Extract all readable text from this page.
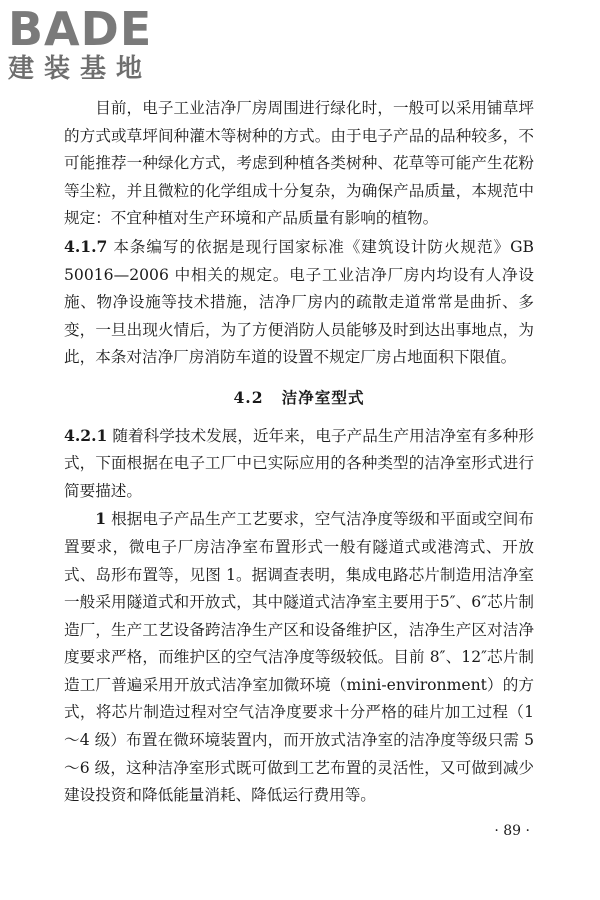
BADE
建装基地

目前，电子工业洁净厂房周围进行绿化时，一般可以采用铺草坪的方式或草坪间种灌木等树种的方式。由于电子产品的品种较多，不可能推荐一种绿化方式，考虑到种植各类树种、花草等可能产生花粉等尘粒，并且微粒的化学组成十分复杂，为确保产品质量，本规范中规定：不宜种植对生产环境和产品质量有影响的植物。

4.1.7 本条编写的依据是现行国家标准《建筑设计防火规范》GB 50016—2006 中相关的规定。电子工业洁净厂房内均设有人净设施、物净设施等技术措施，洁净厂房内的疏散走道常常是曲折、多变，一旦出现火情后，为了方便消防人员能够及时到达出事地点，为此，本条对洁净厂房消防车道的设置不规定厂房占地面积下限值。

4.2 洁净室型式

4.2.1 随着科学技术发展，近年来，电子产品生产用洁净室有多种形式，下面根据在电子工厂中已实际应用的各种类型的洁净室形式进行简要描述。

1 根据电子产品生产工艺要求，空气洁净度等级和平面或空间布置要求，微电子厂房洁净室布置形式一般有隧道式或港湾式、开放式、岛形布置等，见图 1。据调查表明，集成电路芯片制造用洁净室一般采用隧道式和开放式，其中隧道式洁净室主要用于5″、6″芯片制造厂，生产工艺设备跨洁净生产区和设备维护区，洁净生产区对洁净度要求严格，而维护区的空气洁净度等级较低。目前 8″、12″芯片制造工厂普遍采用开放式洁净室加微环境（mini-environment）的方式，将芯片制造过程对空气洁净度要求十分严格的硅片加工过程（1～4 级）布置在微环境装置内，而开放式洁净室的洁净度等级只需 5～6 级，这种洁净室形式既可做到工艺布置的灵活性，又可做到减少建设投资和降低能量消耗、降低运行费用等。

· 89 ·
